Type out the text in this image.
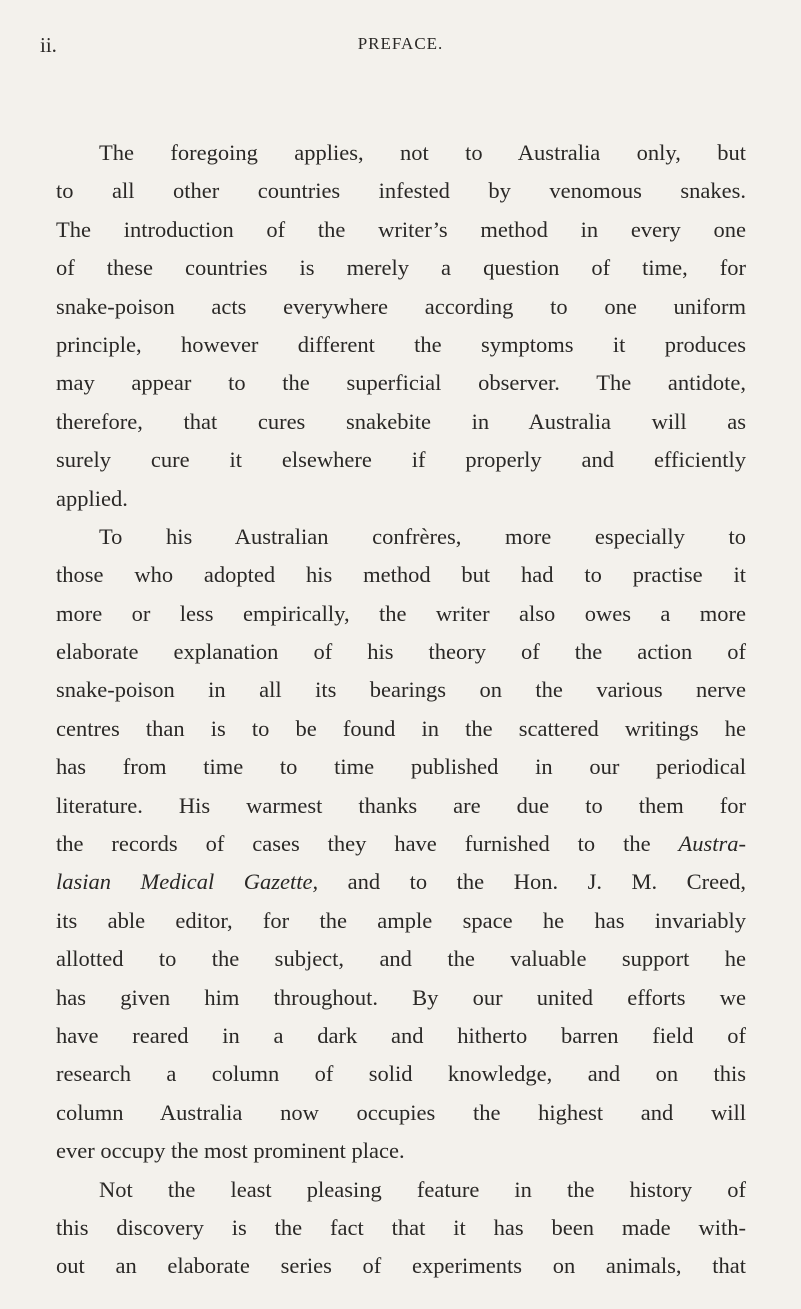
ii.	PREFACE.
The foregoing applies, not to Australia only, but
to all other countries infested by venomous snakes.
The introduction of the writer’s method in every one
of these countries is merely a question of time, for
snake-poison acts everywhere according to one uniform
principle, however different the symptoms it produces
may appear to the superficial observer. The antidote,
therefore, that cures snakebite in Australia will as
surely cure it elsewhere if properly and efficiently
applied.
To his Australian confrères, more especially to
those who adopted his method but had to practise it
more or less empirically, the writer also owes a more
elaborate explanation of his theory of the action of
snake-poison in all its bearings on the various nerve
centres than is to be found in the scattered writings he
has from time to time published in our periodical
literature. His warmest thanks are due to them for
the records of cases they have furnished to the Austra-
lasian Medical Gazette, and to the Hon. J. M. Creed,
its able editor, for the ample space he has invariably
allotted to the subject, and the valuable support he
has given him throughout. By our united efforts we
have reared in a dark and hitherto barren field of
research a column of solid knowledge, and on this
column Australia now occupies the highest and will
ever occupy the most prominent place.
Not the least pleasing feature in the history of
this discovery is the fact that it has been made with-
out an elaborate series of experiments on animals, that
